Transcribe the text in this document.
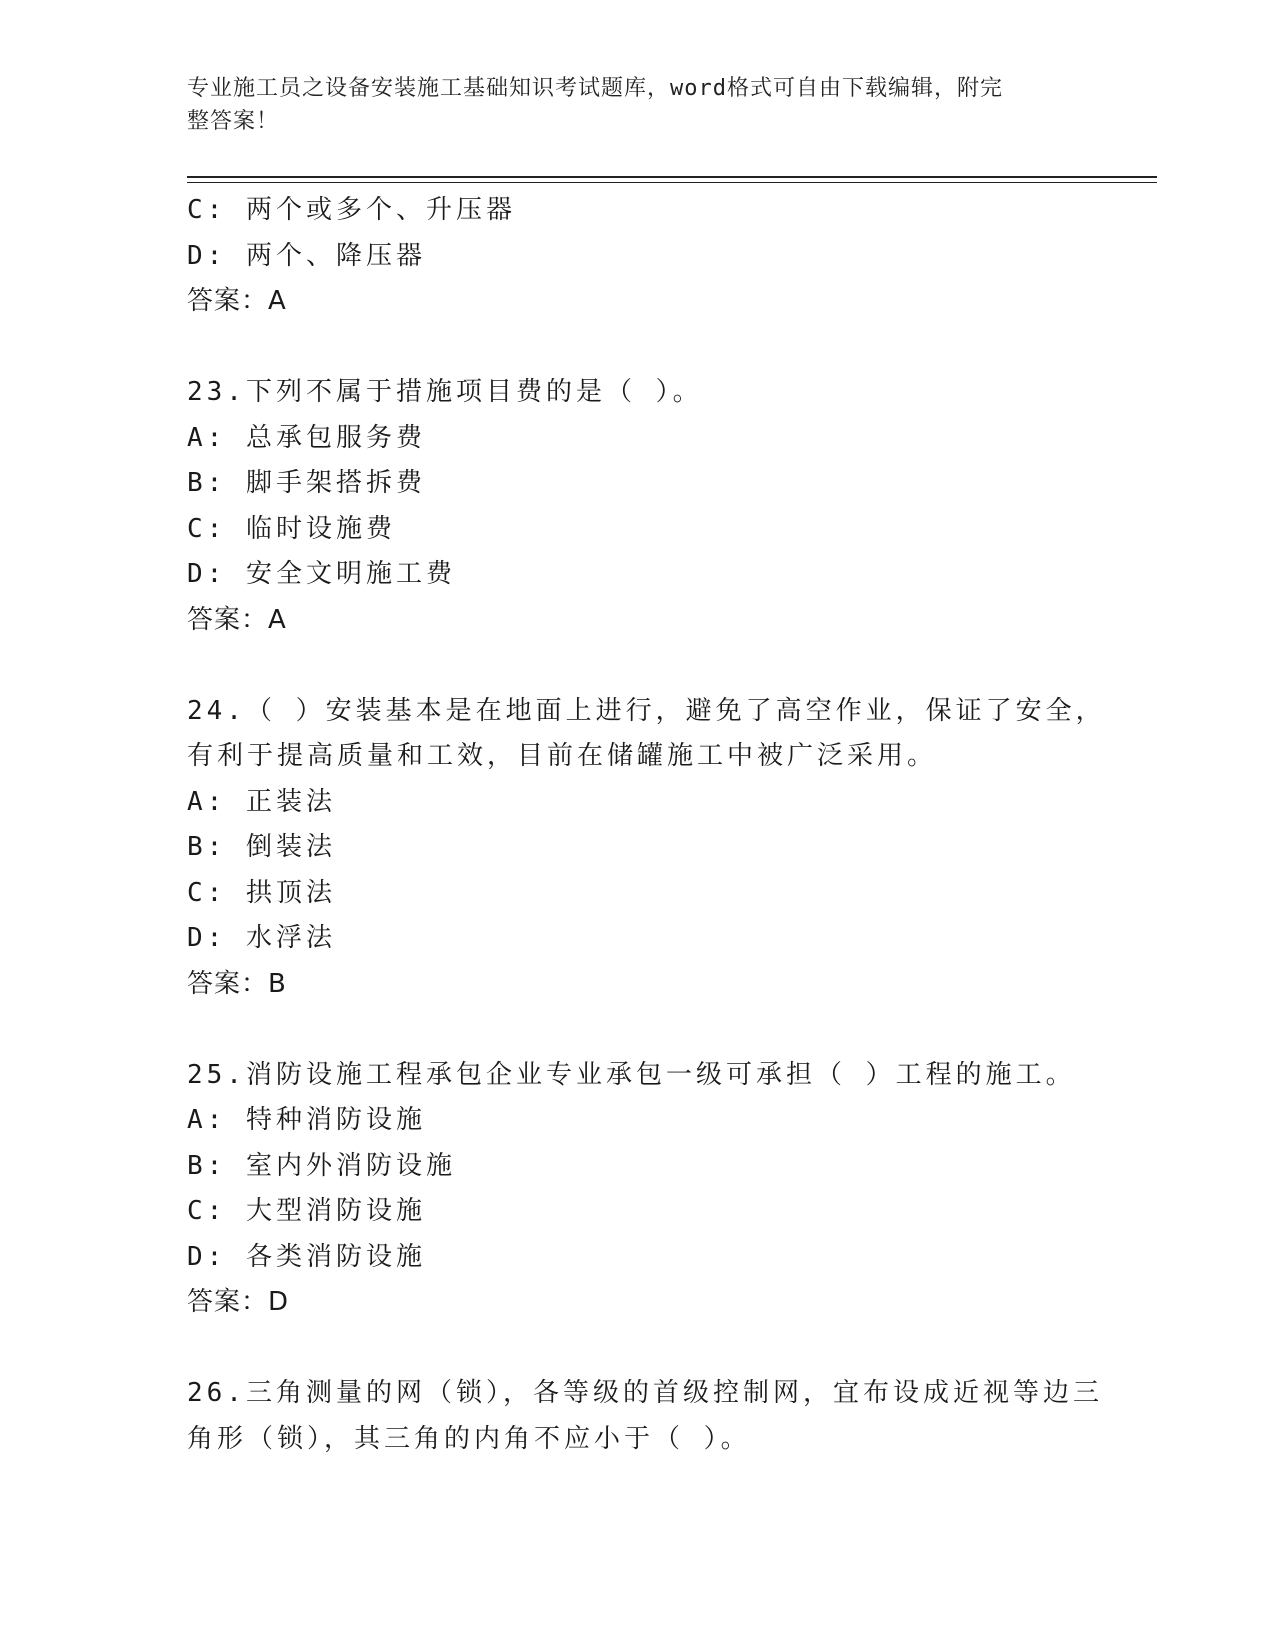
专业施工员之设备安装施工基础知识考试题库，word格式可自由下载编辑，附完
整答案！

C: 两个或多个、升压器

D: 两个、降压器

答案：A

23.下列不属于措施项目费的是（ ）。

A: 总承包服务费

B: 脚手架搭拆费

C: 临时设施费

D: 安全文明施工费

答案：A

24.（ ）安装基本是在地面上进行，避免了高空作业，保证了安全，

有利于提高质量和工效，目前在储罐施工中被广泛采用。

A: 正装法

B: 倒装法

C: 拱顶法

D: 水浮法

答案：B

25.消防设施工程承包企业专业承包一级可承担（ ）工程的施工。

A: 特种消防设施

B: 室内外消防设施

C: 大型消防设施

D: 各类消防设施

答案：D

26.三角测量的网（锁），各等级的首级控制网，宜布设成近视等边三

角形（锁），其三角的内角不应小于（ ）。
